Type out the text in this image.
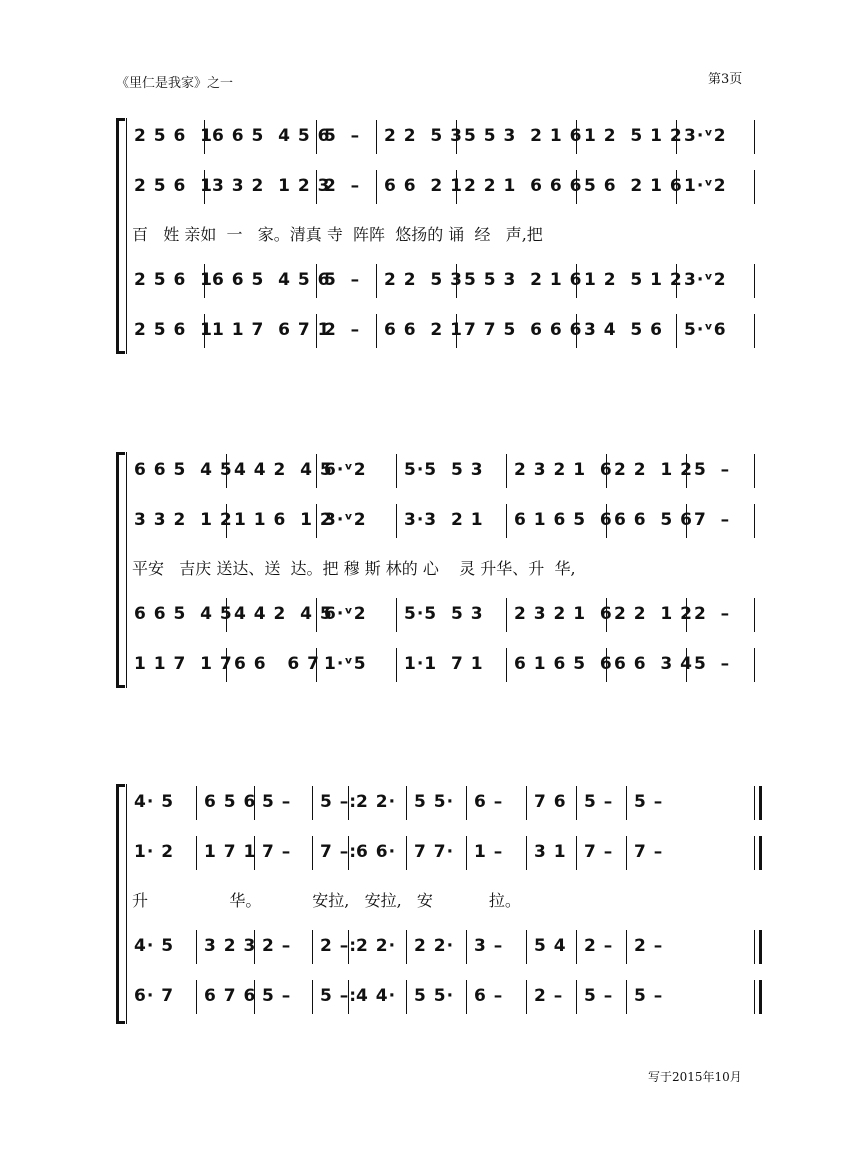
《里仁是我家》之一	第3页
2 5 6  1 6 6 5  4 5 6
5  – 2 2  5 3 5 5 3  2 1 6 1 2  5 1 2 3·ᵛ2
2 5 6  1 3 3 2  1 2 3
2  – 6 6  2 1 2 2 1  6 6 6 5 6  2 1 6 1·ᵛ2
百   姓 亲如  一   家。清真 寺  阵阵  悠扬的 诵  经   声,把
2 5 6  1 6 6 5  4 5 6
5  – 2 2  5 3 5 5 3  2 1 6 1 2  5 1 2 3·ᵛ2
2 5 6  1 1 1 7  6 7 1
2  – 6 6  2 1 7 7 5  6 6 6 3 4  5 6 5·ᵛ6
6 6 5  4 5 4 4 2  4 5
6·ᵛ2 5·5  5 3 2 3 2 1  6 2 2  1 2 5  –
3 3 2  1 2 1 1 6  1 2
3·ᵛ2 3·3  2 1 6 1 6 5  6 6 6  5 6 7  –
平安   吉庆 送达、送  达。把 穆 斯 林的 心    灵 升华、升  华,
6 6 5  4 5 4 4 2  4 5
6·ᵛ2 5·5  5 3 2 3 2 1  6 2 2  1 2 2  –
1 1 7  1 7 6 6   6 7 1·ᵛ5 1·1  7 1 6 1 6 5  6 6 6  3 4 5  –
4· 5 6 5 6 5 – 5 –:
2 2· 5 5· 6 – 7 6 5 – 5 –
1· 2 1 7 1 7 – 7 –:
6 6· 7 7· 1 – 3 1 7 – 7 –
升                华。          安拉,   安拉,   安           拉。
4· 5 3 2 3 2 – 2 –:
2 2· 2 2· 3 – 5 4 2 – 2 –
6· 7 6 7 6 5 – 5 –:
4 4· 5 5· 6 – 2 – 5 – 5 –
写于2015年10月
